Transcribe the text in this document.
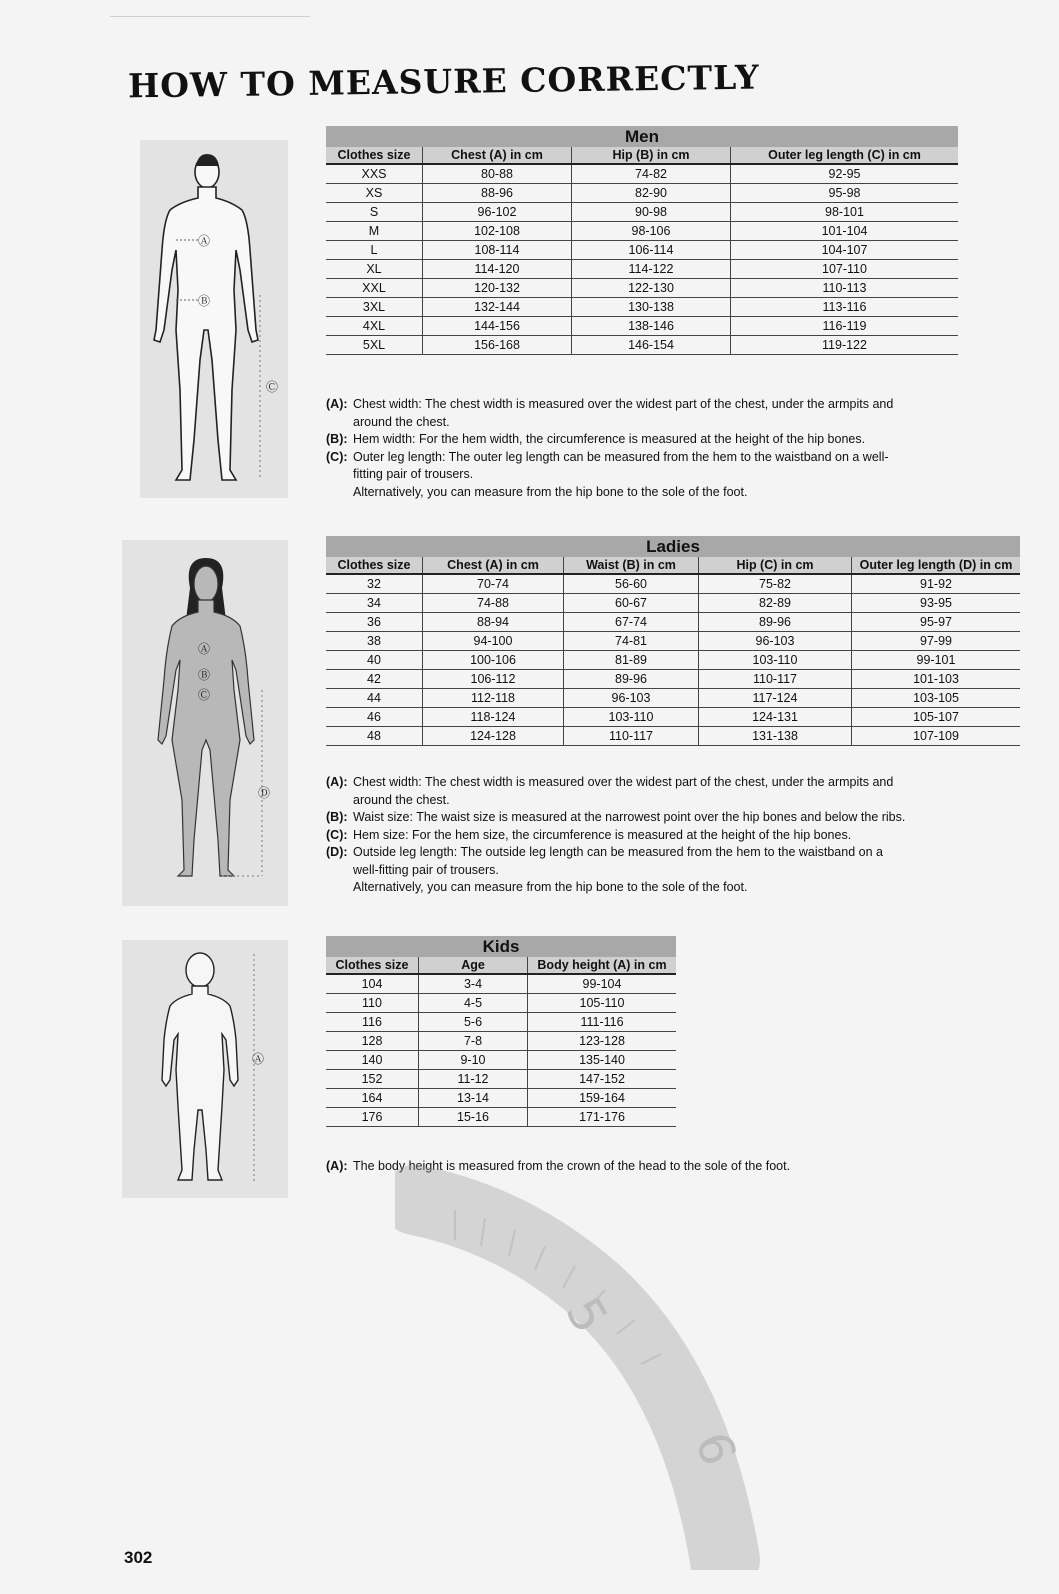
HOW TO MEASURE CORRECTLY
Ⓐ
Ⓑ
Ⓒ
Ⓐ
Ⓑ
Ⓒ
Ⓓ
Ⓐ
Men
Clothes size	Chest (A) in cm	Hip (B) in cm	Outer leg length (C) in cm
XXS	80-88	74-82	92-95
XS	88-96	82-90	95-98
S	96-102	90-98	98-101
M	102-108	98-106	101-104
L	108-114	106-114	104-107
XL	114-120	114-122	107-110
XXL	120-132	122-130	110-113
3XL	132-144	130-138	113-116
4XL	144-156	138-146	116-119
5XL	156-168	146-154	119-122
(A): Chest width: The chest width is measured over the widest part of the chest, under the armpits and around the chest.
(B): Hem width: For the hem width, the circumference is measured at the height of the hip bones.
(C): Outer leg length: The outer leg length can be measured from the hem to the waistband on a well-fitting pair of trousers.
Alternatively, you can measure from the hip bone to the sole of the foot.
Ladies
Clothes size	Chest (A) in cm	Waist (B) in cm	Hip (C) in cm	Outer leg length (D) in cm
32	70-74	56-60	75-82	91-92
34	74-88	60-67	82-89	93-95
36	88-94	67-74	89-96	95-97
38	94-100	74-81	96-103	97-99
40	100-106	81-89	103-110	99-101
42	106-112	89-96	110-117	101-103
44	112-118	96-103	117-124	103-105
46	118-124	103-110	124-131	105-107
48	124-128	110-117	131-138	107-109
(A): Chest width: The chest width is measured over the widest part of the chest, under the armpits and around the chest.
(B): Waist size: The waist size is measured at the narrowest point over the hip bones and below the ribs.
(C): Hem size: For the hem size, the circumference is measured at the height of the hip bones.
(D): Outside leg length: The outside leg length can be measured from the hem to the waistband on a well-fitting pair of trousers.
Alternatively, you can measure from the hip bone to the sole of the foot.
Kids
Clothes size	Age	Body height (A) in cm
104	3-4	99-104
110	4-5	105-110
116	5-6	111-116
128	7-8	123-128
140	9-10	135-140
152	11-12	147-152
164	13-14	159-164
176	15-16	171-176
(A): The body height is measured from the crown of the head to the sole of the foot.
5
6
302
